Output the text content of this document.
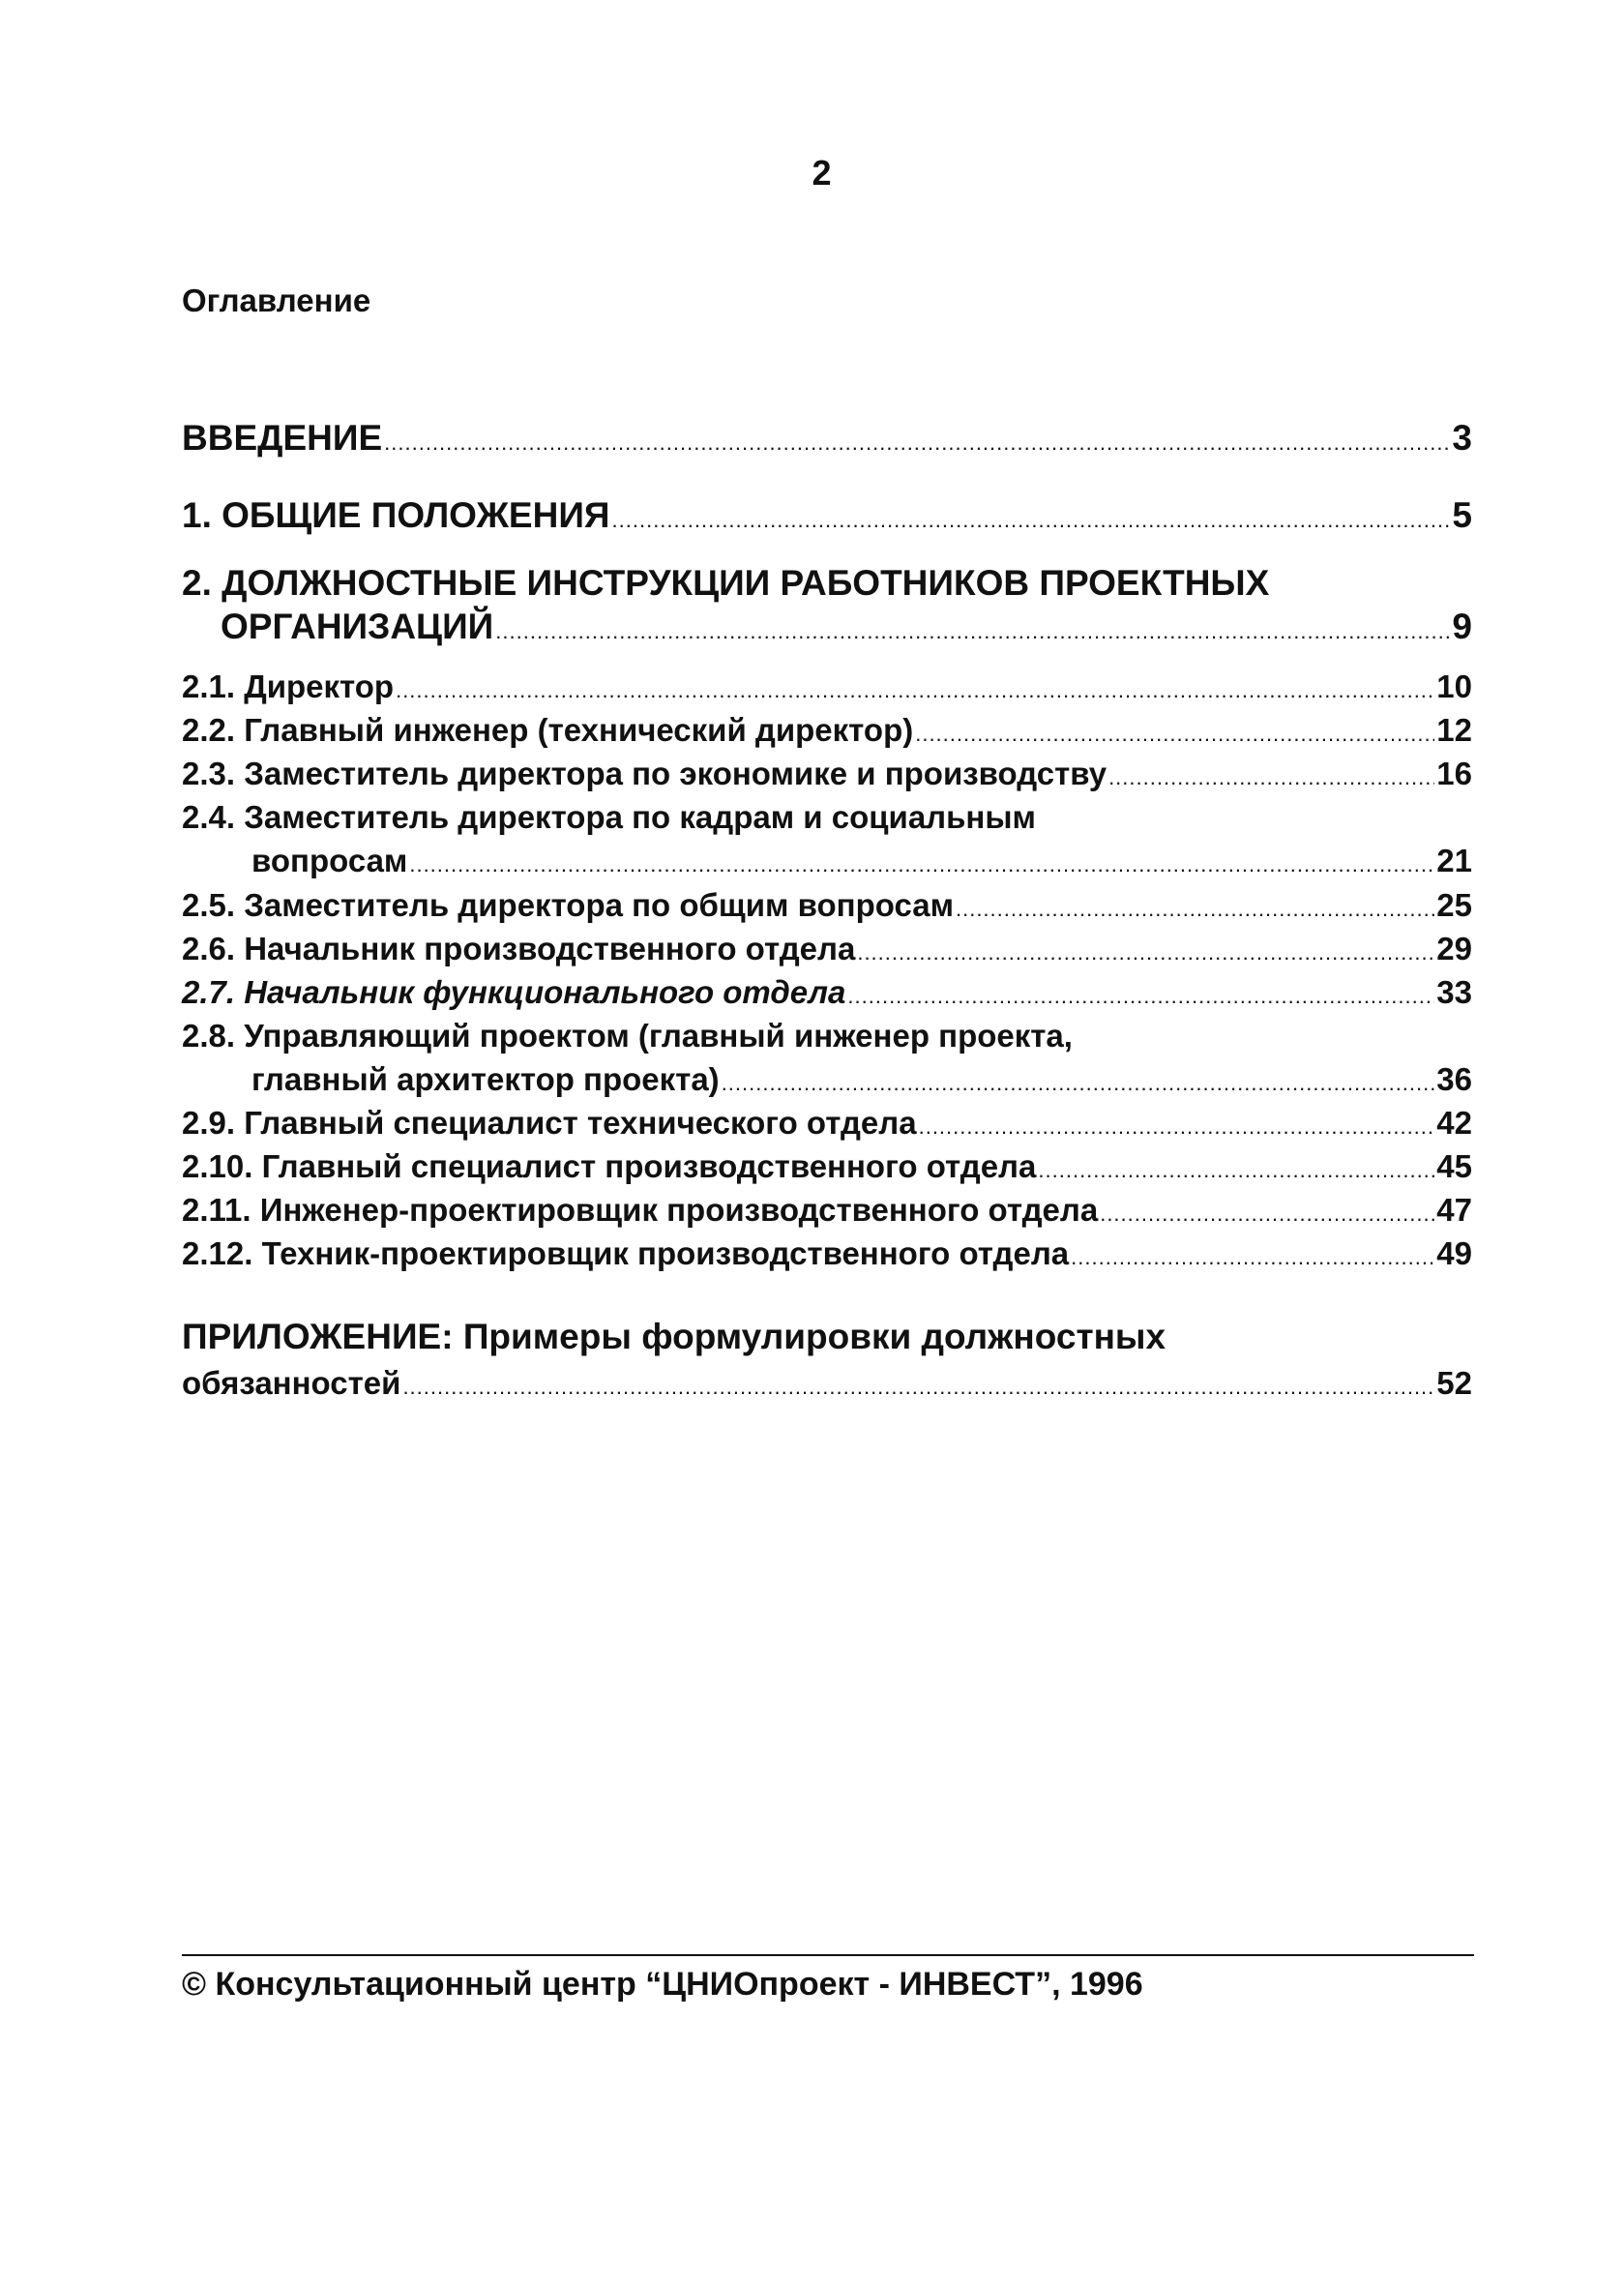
2
Оглавление
ВВЕДЕНИЕ .....	3
1. ОБЩИЕ ПОЛОЖЕНИЯ .....	5
2. ДОЛЖНОСТНЫЕ ИНСТРУКЦИИ РАБОТНИКОВ ПРОЕКТНЫХ
ОРГАНИЗАЦИЙ .....	9
2.1. Директор .....	10
2.2. Главный инженер (технический директор) .....	12
2.3. Заместитель директора по экономике и производству .....	16
2.4. Заместитель директора по кадрам и социальным
вопросам .....	21
2.5. Заместитель директора по общим вопросам .....	25
2.6. Начальник производственного отдела .....	29
2.7. Начальник функционального отдела .....	33
2.8. Управляющий проектом (главный инженер проекта,
главный архитектор проекта) .....	36
2.9. Главный специалист технического отдела .....	42
2.10. Главный специалист производственного отдела .....	45
2.11. Инженер-проектировщик производственного отдела .....	47
2.12. Техник-проектировщик производственного отдела .....	49
ПРИЛОЖЕНИЕ: Примеры формулировки должностных
обязанностей .....	52
© Консультационный центр “ЦНИОпроект - ИНВЕСТ”, 1996
